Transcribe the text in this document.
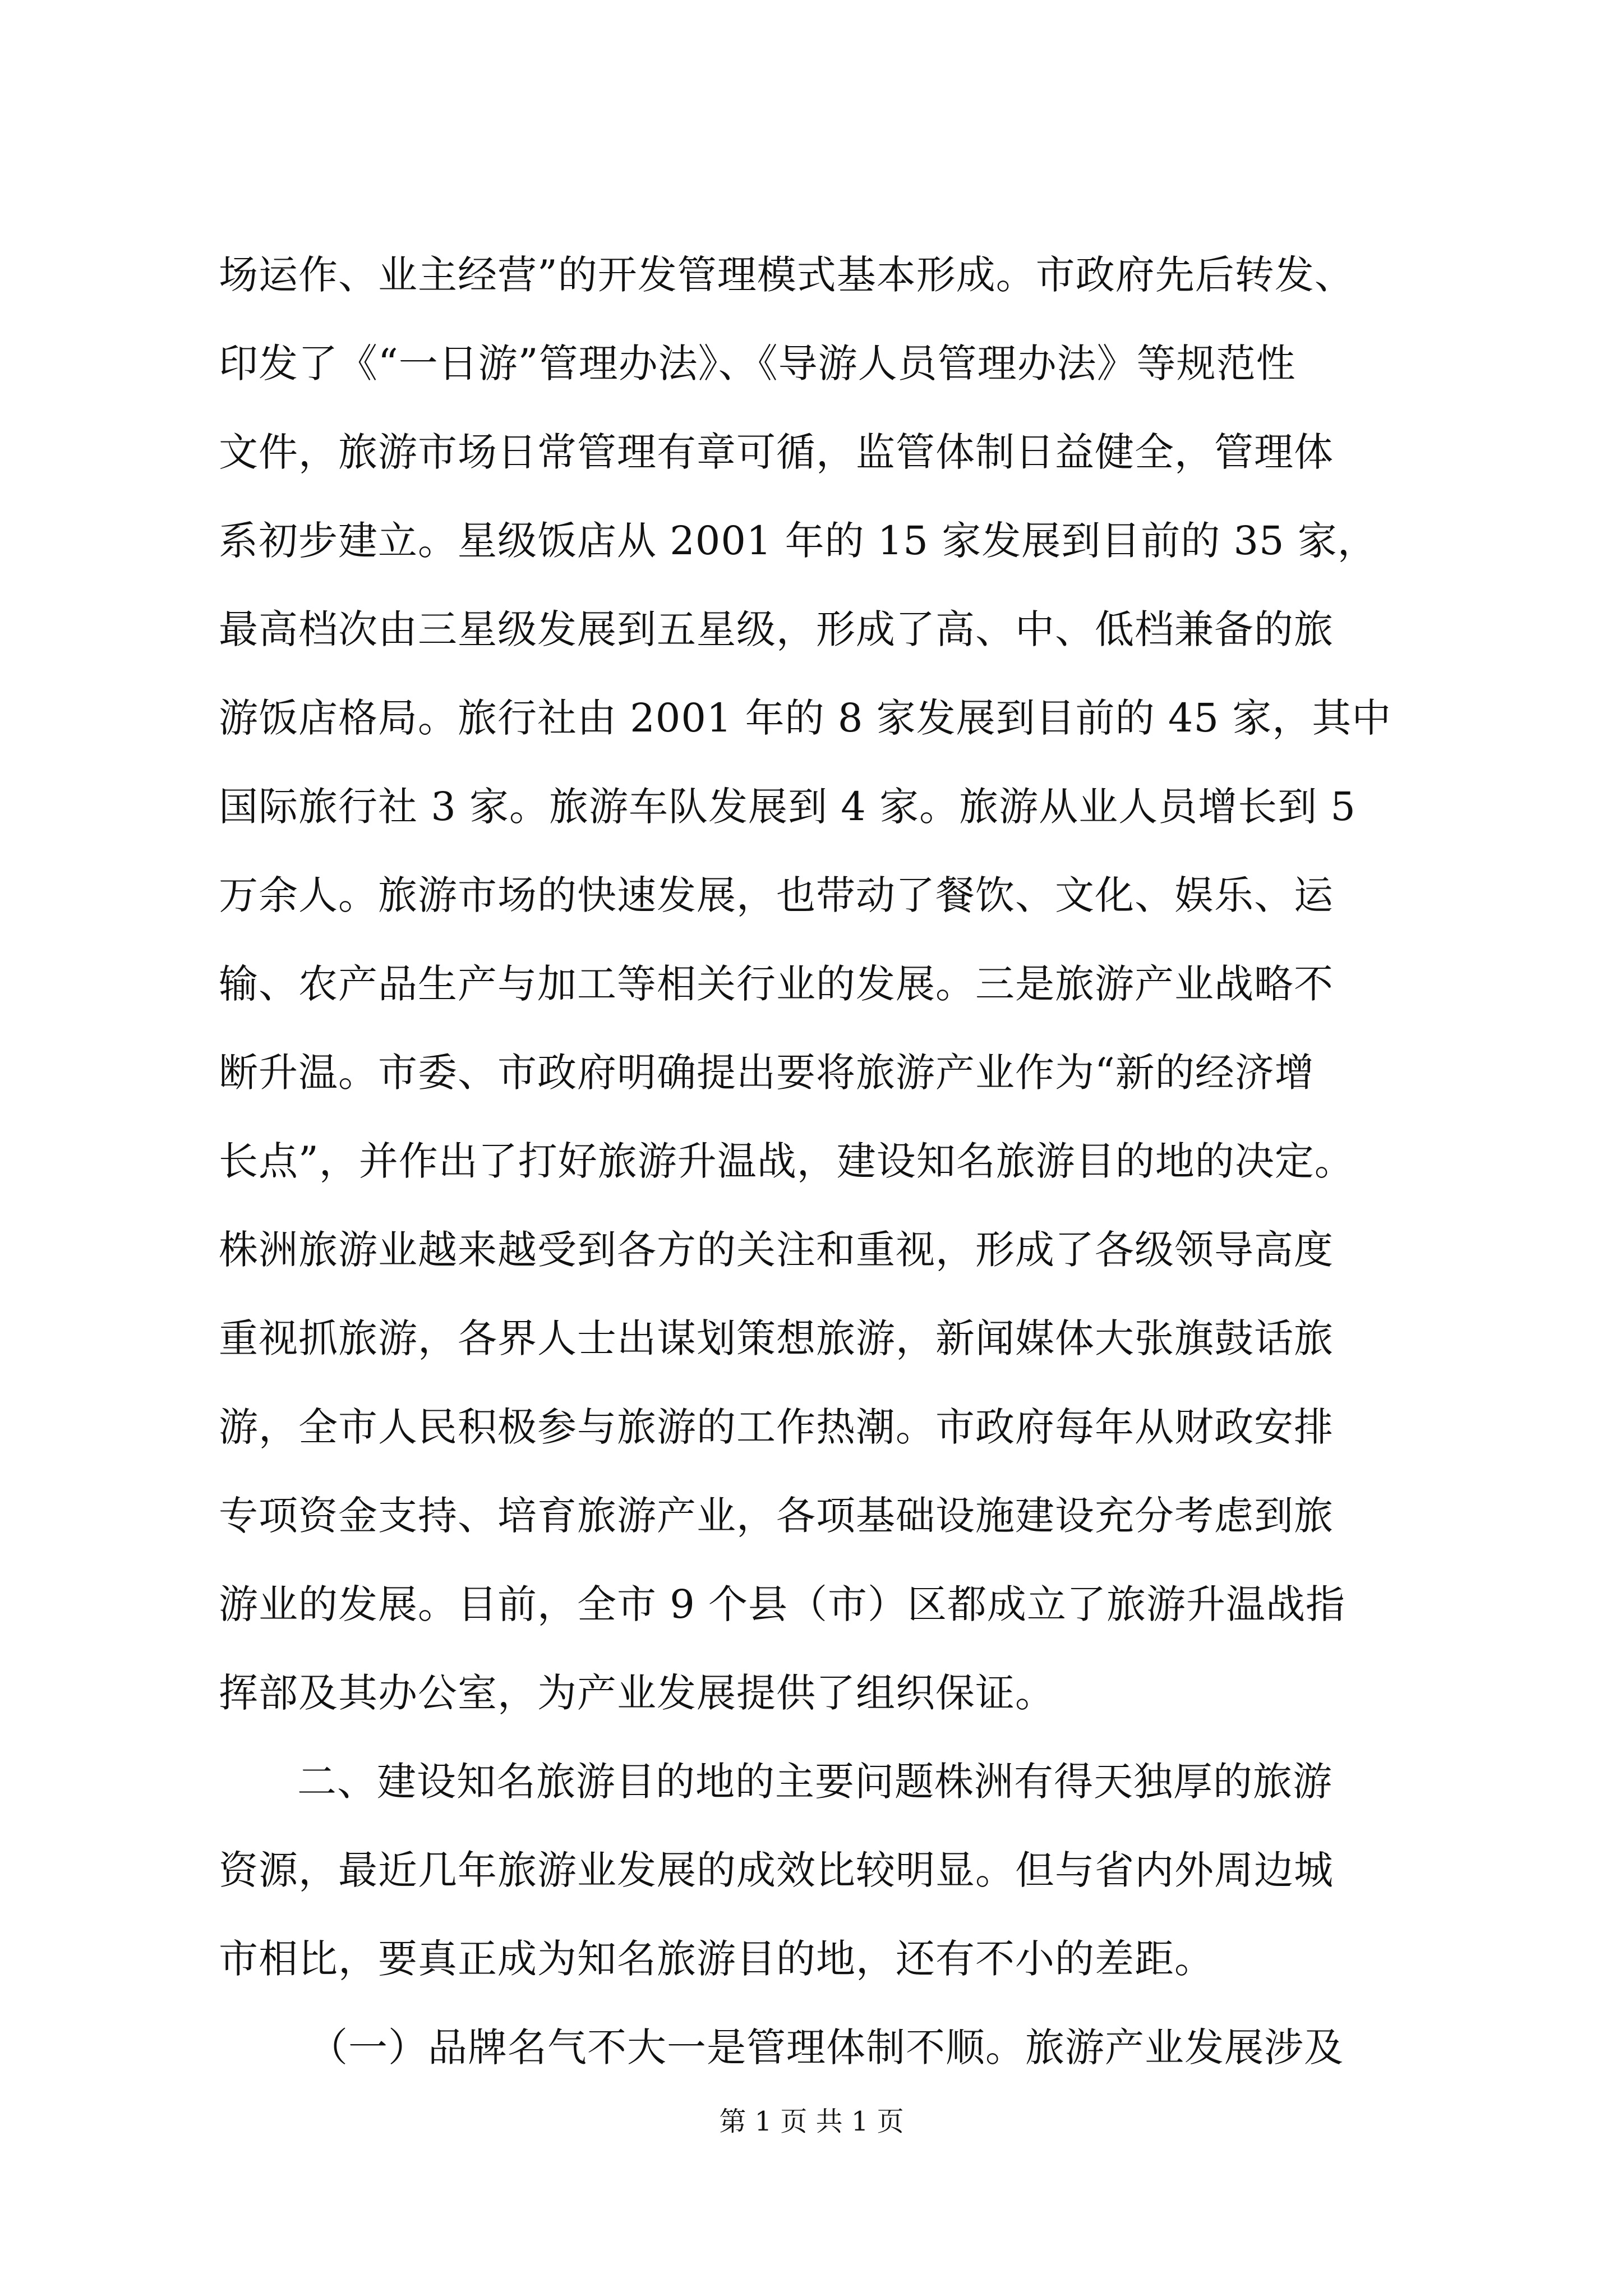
场运作、业主经营”的开发管理模式基本形成。市政府先后转发、
印发了《“一日游”管理办法》、《导游人员管理办法》等规范性
文件，旅游市场日常管理有章可循，监管体制日益健全，管理体
系初步建立。星级饭店从 2001 年的 15 家发展到目前的 35 家，
最高档次由三星级发展到五星级，形成了高、中、低档兼备的旅
游饭店格局。旅行社由 2001 年的 8 家发展到目前的 45 家，其中
国际旅行社 3 家。旅游车队发展到 4 家。旅游从业人员增长到 5
万余人。旅游市场的快速发展，也带动了餐饮、文化、娱乐、运
输、农产品生产与加工等相关行业的发展。三是旅游产业战略不
断升温。市委、市政府明确提出要将旅游产业作为“新的经济增
长点”，并作出了打好旅游升温战，建设知名旅游目的地的决定。
株洲旅游业越来越受到各方的关注和重视，形成了各级领导高度
重视抓旅游，各界人士出谋划策想旅游，新闻媒体大张旗鼓话旅
游，全市人民积极参与旅游的工作热潮。市政府每年从财政安排
专项资金支持、培育旅游产业，各项基础设施建设充分考虑到旅
游业的发展。目前，全市 9 个县（市）区都成立了旅游升温战指
挥部及其办公室，为产业发展提供了组织保证。
二、建设知名旅游目的地的主要问题株洲有得天独厚的旅游
资源，最近几年旅游业发展的成效比较明显。但与省内外周边城
市相比，要真正成为知名旅游目的地，还有不小的差距。
（一）品牌名气不大一是管理体制不顺。旅游产业发展涉及
第 1 页 共 1 页
